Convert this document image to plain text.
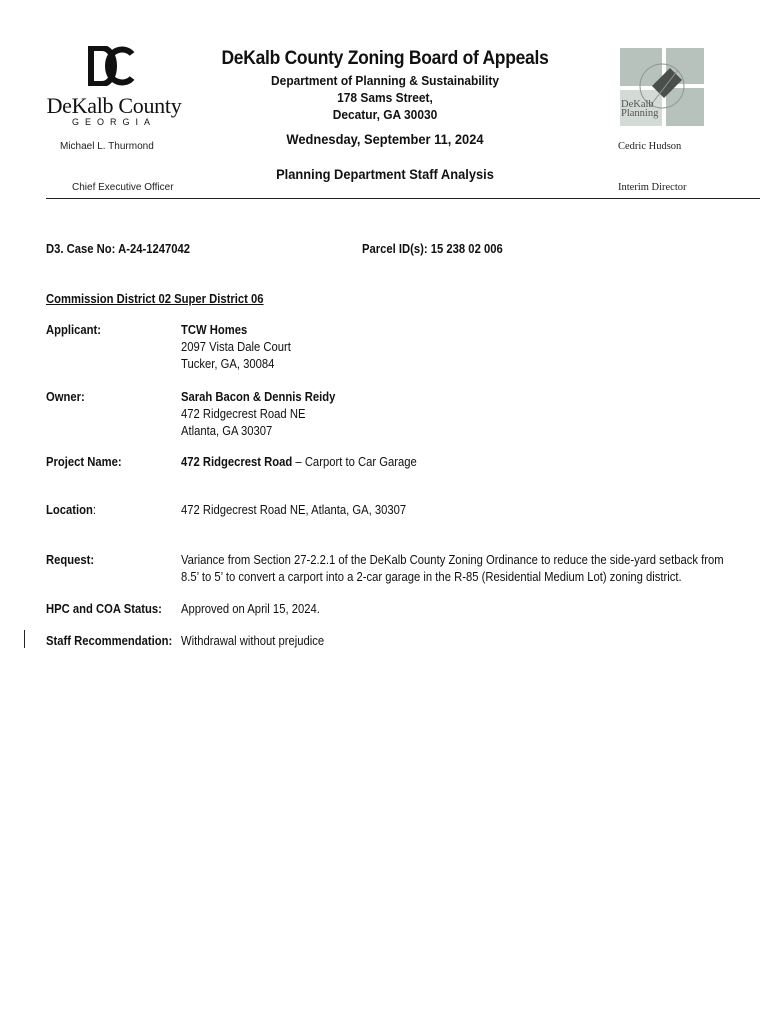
DeKalb County
GEORGIA
DeKalb County Zoning Board of Appeals
Department of Planning & Sustainability
178 Sams Street,
Decatur, GA 30030
Wednesday, September 11, 2024
Planning Department Staff Analysis
DeKalb
Planning
Michael L. Thurmond
Chief Executive Officer
Cedric Hudson
Interim Director
D3. Case No: A-24-1247042	Parcel ID(s): 15 238 02 006
Commission District 02 Super District 06
Applicant:	TCW Homes
2097 Vista Dale Court
Tucker, GA, 30084
Owner:	Sarah Bacon & Dennis Reidy
472 Ridgecrest Road NE
Atlanta, GA 30307
Project Name:	472 Ridgecrest Road – Carport to Car Garage
Location:	472 Ridgecrest Road NE, Atlanta, GA, 30307
Request:	Variance from Section 27-2.2.1 of the DeKalb County Zoning Ordinance to reduce the side-yard setback from
8.5’ to 5’ to convert a carport into a 2-car garage in the R-85 (Residential Medium Lot) zoning district.
HPC and COA Status: Approved on April 15, 2024.
Staff Recommendation: Withdrawal without prejudice
